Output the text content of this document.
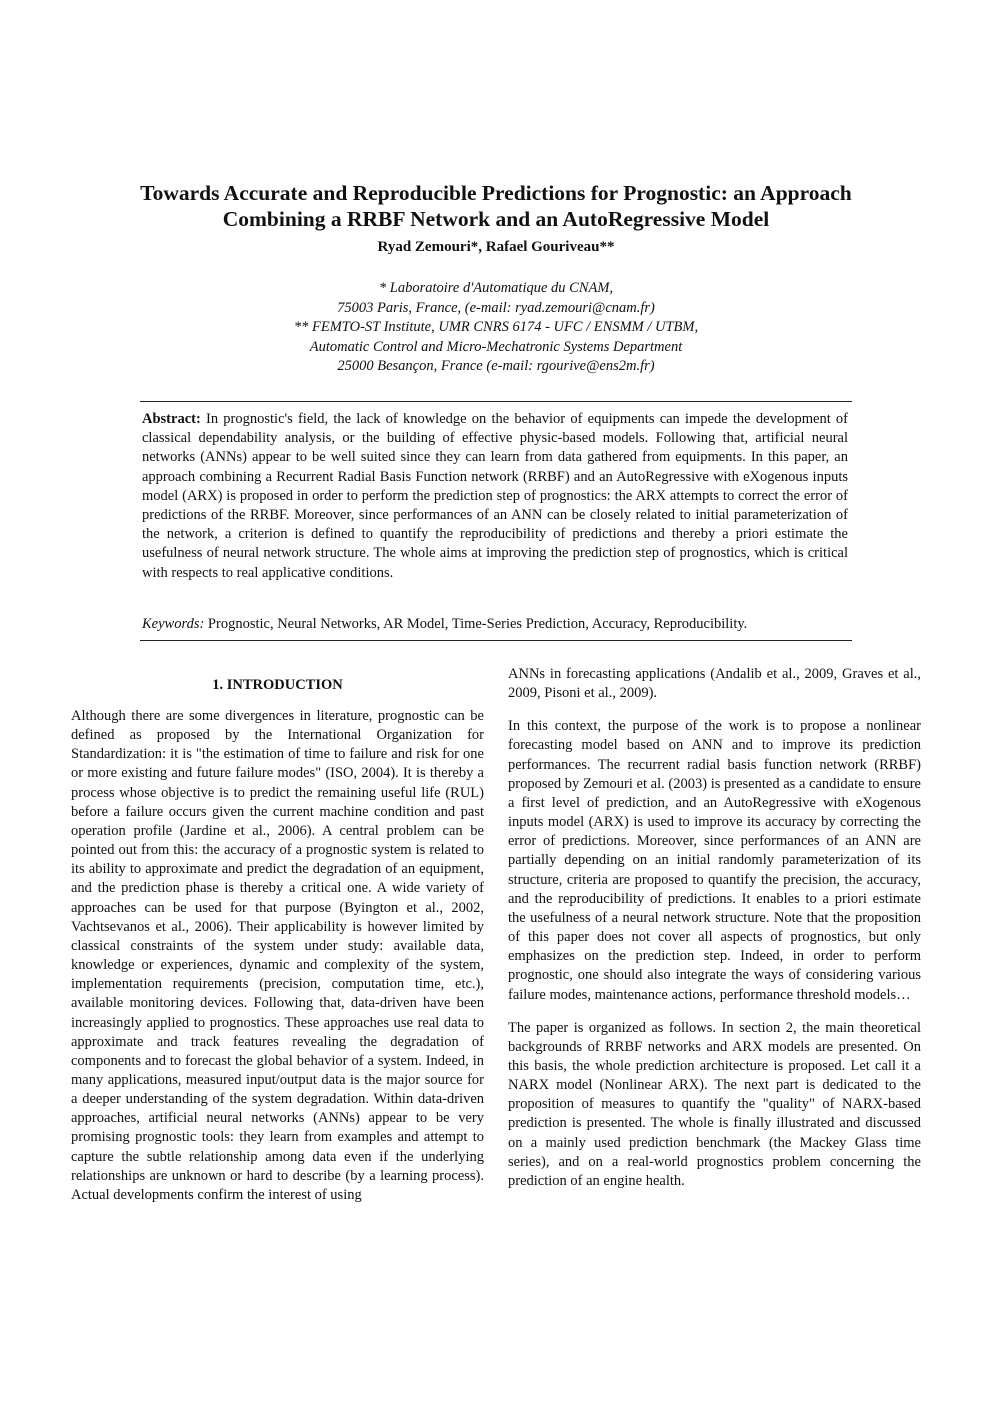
Towards Accurate and Reproducible Predictions for Prognostic: an Approach
Combining a RRBF Network and an AutoRegressive Model
Ryad Zemouri*, Rafael Gouriveau**
* Laboratoire d'Automatique du CNAM,
75003 Paris, France, (e-mail: ryad.zemouri@cnam.fr)
** FEMTO-ST Institute, UMR CNRS 6174 - UFC / ENSMM / UTBM,
Automatic Control and Micro-Mechatronic Systems Department
25000 Besançon, France (e-mail: rgourive@ens2m.fr)

Abstract: In prognostic's field, the lack of knowledge on the behavior of equipments can impede the development of classical dependability analysis, or the building of effective physic-based models. Following that, artificial neural networks (ANNs) appear to be well suited since they can learn from data gathered from equipments. In this paper, an approach combining a Recurrent Radial Basis Function network (RRBF) and an AutoRegressive with eXogenous inputs model (ARX) is proposed in order to perform the prediction step of prognostics: the ARX attempts to correct the error of predictions of the RRBF. Moreover, since performances of an ANN can be closely related to initial parameterization of the network, a criterion is defined to quantify the reproducibility of predictions and thereby a priori estimate the usefulness of neural network structure. The whole aims at improving the prediction step of prognostics, which is critical with respects to real applicative conditions.

Keywords: Prognostic, Neural Networks, AR Model, Time-Series Prediction, Accuracy, Reproducibility.

1. INTRODUCTION

Although there are some divergences in literature, prognostic can be defined as proposed by the International Organization for Standardization: it is "the estimation of time to failure and risk for one or more existing and future failure modes" (ISO, 2004). It is thereby a process whose objective is to predict the remaining useful life (RUL) before a failure occurs given the current machine condition and past operation profile (Jardine et al., 2006). A central problem can be pointed out from this: the accuracy of a prognostic system is related to its ability to approximate and predict the degradation of an equipment, and the prediction phase is thereby a critical one. A wide variety of approaches can be used for that purpose (Byington et al., 2002, Vachtsevanos et al., 2006). Their applicability is however limited by classical constraints of the system under study: available data, knowledge or experiences, dynamic and complexity of the system, implementation requirements (precision, computation time, etc.), available monitoring devices. Following that, data-driven have been increasingly applied to prognostics. These approaches use real data to approximate and track features revealing the degradation of components and to forecast the global behavior of a system. Indeed, in many applications, measured input/output data is the major source for a deeper understanding of the system degradation. Within data-driven approaches, artificial neural networks (ANNs) appear to be very promising prognostic tools: they learn from examples and attempt to capture the subtle relationship among data even if the underlying relationships are unknown or hard to describe (by a learning process). Actual developments confirm the interest of using

ANNs in forecasting applications (Andalib et al., 2009, Graves et al., 2009, Pisoni et al., 2009).

In this context, the purpose of the work is to propose a nonlinear forecasting model based on ANN and to improve its prediction performances. The recurrent radial basis function network (RRBF) proposed by Zemouri et al. (2003) is presented as a candidate to ensure a first level of prediction, and an AutoRegressive with eXogenous inputs model (ARX) is used to improve its accuracy by correcting the error of predictions. Moreover, since performances of an ANN are partially depending on an initial randomly parameterization of its structure, criteria are proposed to quantify the precision, the accuracy, and the reproducibility of predictions. It enables to a priori estimate the usefulness of a neural network structure. Note that the proposition of this paper does not cover all aspects of prognostics, but only emphasizes on the prediction step. Indeed, in order to perform prognostic, one should also integrate the ways of considering various failure modes, maintenance actions, performance threshold models…

The paper is organized as follows. In section 2, the main theoretical backgrounds of RRBF networks and ARX models are presented. On this basis, the whole prediction architecture is proposed. Let call it a NARX model (Nonlinear ARX). The next part is dedicated to the proposition of measures to quantify the "quality" of NARX-based prediction is presented. The whole is finally illustrated and discussed on a mainly used prediction benchmark (the Mackey Glass time series), and on a real-world prognostics problem concerning the prediction of an engine health.
